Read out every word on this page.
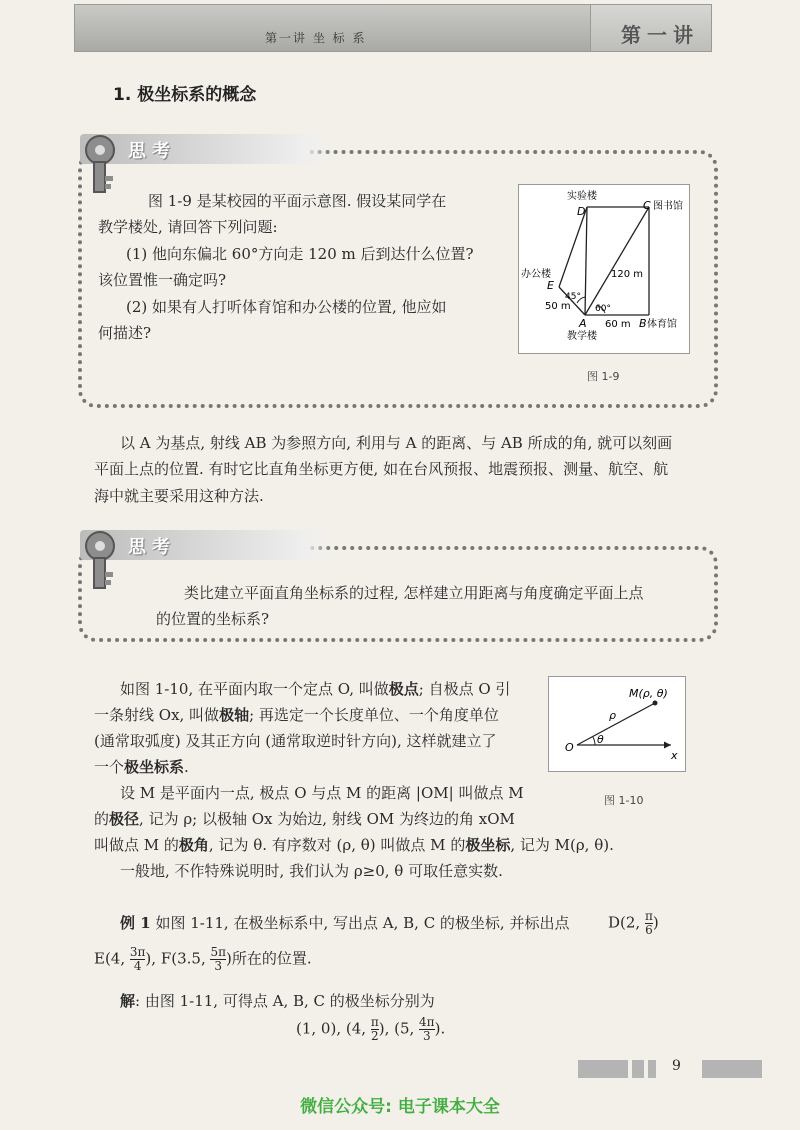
第一讲 坐 标 系	第一讲
1. 极坐标系的概念
思考

图 1-9 是某校园的平面示意图. 假设某同学在

教学楼处, 请回答下列问题:

(1) 他向东偏北 60°方向走 120 m 后到达什么位置?

该位置惟一确定吗?

(2) 如果有人打听体育馆和办公楼的位置, 他应如

何描述?

实验楼
D	C 图书馆
办公楼
E
120 m
50 m
45°
60°
A 60 m B 体育馆
教学楼
图 1-9

以 A 为基点, 射线 AB 为参照方向, 利用与 A 的距离、与 AB 所成的角, 就可以刻画

平面上点的位置. 有时它比直角坐标更方便, 如在台风预报、地震预报、测量、航空、航

海中就主要采用这种方法.

思考

类比建立平面直角坐标系的过程, 怎样建立用距离与角度确定平面上点

的位置的坐标系?

M(ρ, θ)
ρ
θ
O
x
图 1-10

如图 1-10, 在平面内取一个定点 O, 叫做极点; 自极点 O 引

一条射线 Ox, 叫做极轴; 再选定一个长度单位、一个角度单位

(通常取弧度) 及其正方向 (通常取逆时针方向), 这样就建立了

一个极坐标系.

设 M 是平面内一点, 极点 O 与点 M 的距离 |OM| 叫做点 M

的极径, 记为 ρ; 以极轴 Ox 为始边, 射线 OM 为终边的角 xOM

叫做点 M 的极角, 记为 θ. 有序数对 (ρ, θ) 叫做点 M 的极坐标, 记为 M(ρ, θ).

一般地, 不作特殊说明时, 我们认为 ρ≥0, θ 可取任意实数.

例 1 如图 1-11, 在极坐标系中, 写出点 A, B, C 的极坐标, 并标出点	D(2, $\frac{\pi}{6}$ )
E(4, $\frac{3\pi}{4}$ ), F(3.5, $\frac{5\pi}{3}$ )所在的位置.

解: 由图 1-11, 可得点 A, B, C 的极坐标分别为

(1, 0), (4, $\frac{\pi}{2}$ ), (5, $\frac{4\pi}{3}$ ).
9
微信公众号: 电子课本大全
